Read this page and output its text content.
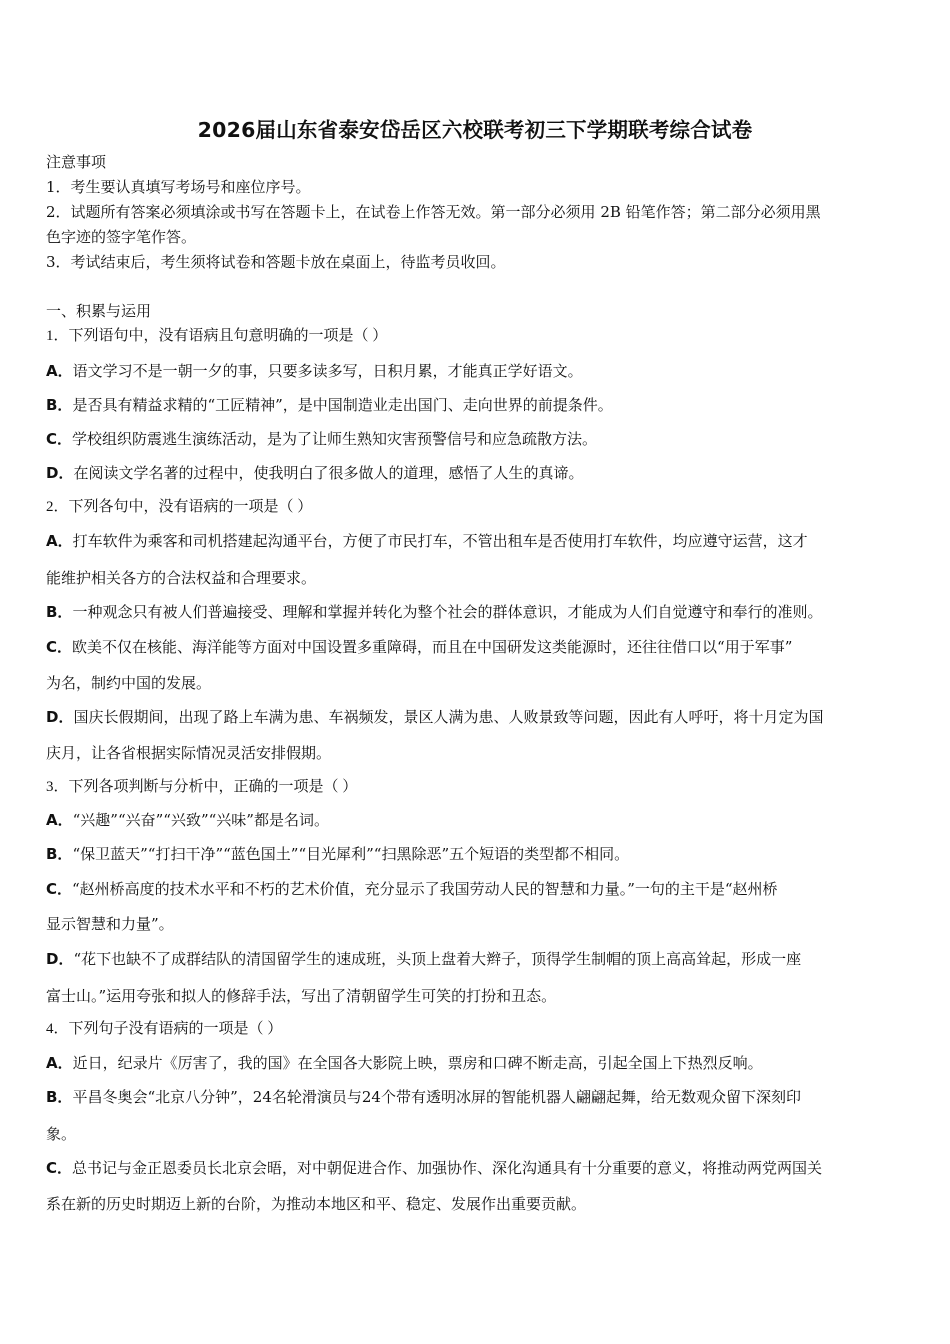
2026届山东省泰安岱岳区六校联考初三下学期联考综合试卷
注意事项
1．考生要认真填写考场号和座位序号。
2．试题所有答案必须填涂或书写在答题卡上，在试卷上作答无效。第一部分必须用 2B 铅笔作答；第二部分必须用黑
色字迹的签字笔作答。
3．考试结束后，考生须将试卷和答题卡放在桌面上，待监考员收回。
一、积累与运用
1．下列语句中，没有语病且句意明确的一项是（ ）
A．语文学习不是一朝一夕的事，只要多读多写，日积月累，才能真正学好语文。
B．是否具有精益求精的“工匠精神”，是中国制造业走出国门、走向世界的前提条件。
C．学校组织防震逃生演练活动，是为了让师生熟知灾害预警信号和应急疏散方法。
D．在阅读文学名著的过程中，使我明白了很多做人的道理，感悟了人生的真谛。
2．下列各句中，没有语病的一项是（ ）
A．打车软件为乘客和司机搭建起沟通平台，方便了市民打车，不管出租车是否使用打车软件，均应遵守运营，这才
能维护相关各方的合法权益和合理要求。
B．一种观念只有被人们普遍接受、理解和掌握并转化为整个社会的群体意识，才能成为人们自觉遵守和奉行的准则。
C．欧美不仅在核能、海洋能等方面对中国设置多重障碍，而且在中国研发这类能源时，还往往借口以“用于军事”
为名，制约中国的发展。
D．国庆长假期间，出现了路上车满为患、车祸频发，景区人满为患、人败景致等问题，因此有人呼吁，将十月定为国
庆月，让各省根据实际情况灵活安排假期。
3．下列各项判断与分析中，正确的一项是（ ）
A．“兴趣”“兴奋”“兴致”“兴味”都是名词。
B．“保卫蓝天”“打扫干净”“蓝色国土”“目光犀利”“扫黑除恶”五个短语的类型都不相同。
C．“赵州桥高度的技术水平和不朽的艺术价值，充分显示了我国劳动人民的智慧和力量。”一句的主干是“赵州桥
显示智慧和力量”。
D．“花下也缺不了成群结队的清国留学生的速成班，头顶上盘着大辫子，顶得学生制帽的顶上高高耸起，形成一座
富士山。”运用夸张和拟人的修辞手法，写出了清朝留学生可笑的打扮和丑态。
4．下列句子没有语病的一项是（ ）
A．近日，纪录片《厉害了，我的国》在全国各大影院上映，票房和口碑不断走高，引起全国上下热烈反响。
B．平昌冬奥会“北京八分钟”，24名轮滑演员与24个带有透明冰屏的智能机器人翩翩起舞，给无数观众留下深刻印
象。
C．总书记与金正恩委员长北京会晤，对中朝促进合作、加强协作、深化沟通具有十分重要的意义，将推动两党两国关
系在新的历史时期迈上新的台阶，为推动本地区和平、稳定、发展作出重要贡献。
